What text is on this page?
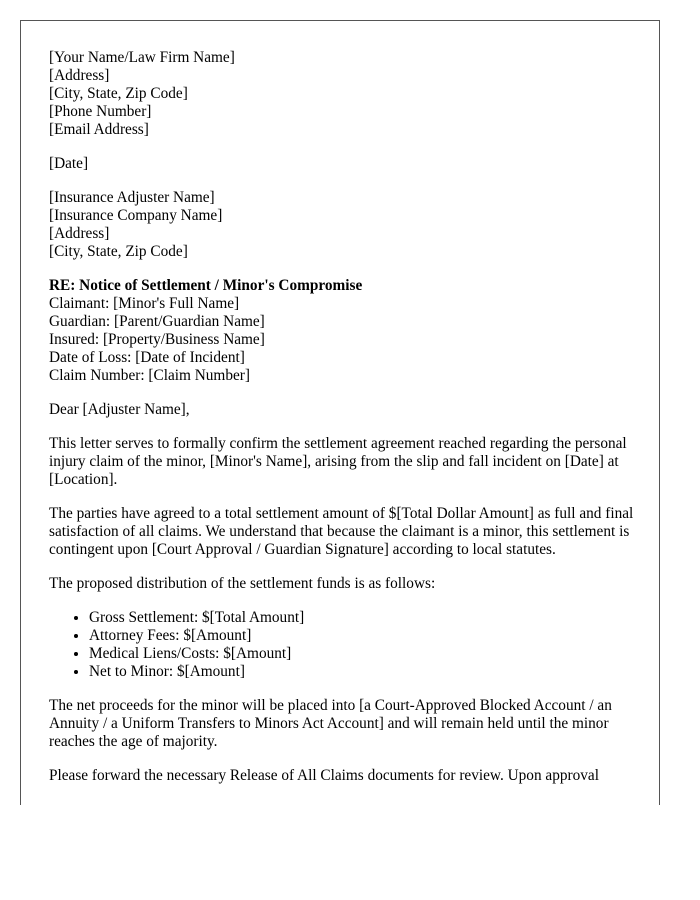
[Your Name/Law Firm Name]
[Address]
[City, State, Zip Code]
[Phone Number]
[Email Address]
[Date]
[Insurance Adjuster Name]
[Insurance Company Name]
[Address]
[City, State, Zip Code]
RE: Notice of Settlement / Minor's Compromise
Claimant: [Minor's Full Name]
Guardian: [Parent/Guardian Name]
Insured: [Property/Business Name]
Date of Loss: [Date of Incident]
Claim Number: [Claim Number]

Dear [Adjuster Name],

This letter serves to formally confirm the settlement agreement reached regarding the personal injury claim of the minor, [Minor's Name], arising from the slip and fall incident on [Date] at [Location].

The parties have agreed to a total settlement amount of $[Total Dollar Amount] as full and final satisfaction of all claims. We understand that because the claimant is a minor, this settlement is contingent upon [Court Approval / Guardian Signature] according to local statutes.

The proposed distribution of the settlement funds is as follows:

• Gross Settlement: $[Total Amount]
• Attorney Fees: $[Amount]
• Medical Liens/Costs: $[Amount]
• Net to Minor: $[Amount]

The net proceeds for the minor will be placed into [a Court-Approved Blocked Account / an Annuity / a Uniform Transfers to Minors Act Account] and will remain held until the minor reaches the age of majority.

Please forward the necessary Release of All Claims documents for review. Upon approval
